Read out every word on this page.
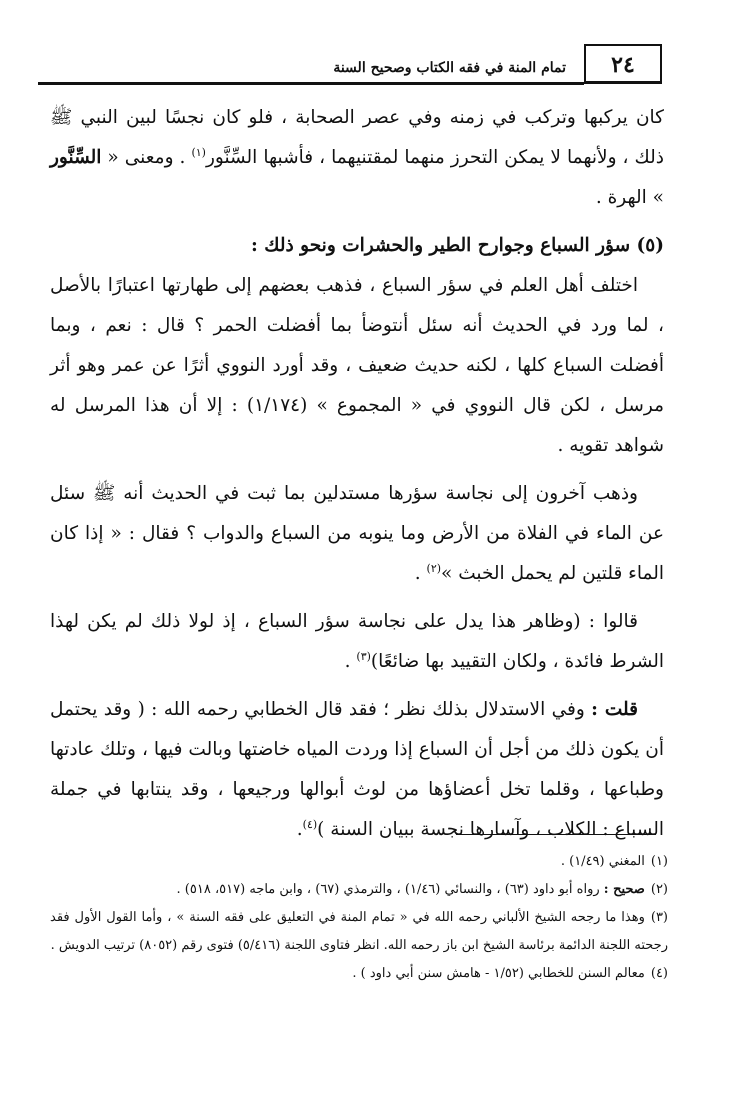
٢٤
تمام المنة في فقه الكتاب وصحيح السنة

كان يركبها وتركب في زمنه وفي عصر الصحابة ، فلو كان نجسًا لبين النبي ﷺ ذلك ، ولأنهما لا يمكن التحرز منهما لمقتنيهما ، فأشبها السِّنَّور$^{(١)}$ . ومعنى « السِّنَّور » الهرة .

(٥) سؤر السباع وجوارح الطير والحشرات ونحو ذلك :

اختلف أهل العلم في سؤر السباع ، فذهب بعضهم إلى طهارتها اعتبارًا بالأصل ، لما ورد في الحديث أنه سئل أنتوضأ بما أفضلت الحمر ؟ قال : نعم ، وبما أفضلت السباع كلها ، لكنه حديث ضعيف ، وقد أورد النووي أثرًا عن عمر وهو أثر مرسل ، لكن قال النووي في « المجموع » (١/١٧٤) : إلا أن هذا المرسل له شواهد تقويه .

وذهب آخرون إلى نجاسة سؤرها مستدلين بما ثبت في الحديث أنه ﷺ سئل عن الماء في الفلاة من الأرض وما ينوبه من السباع والدواب ؟ فقال : « إذا كان الماء قلتين لم يحمل الخبث »$^{(٢)}$ .

قالوا : (وظاهر هذا يدل على نجاسة سؤر السباع ، إذ لولا ذلك لم يكن لهذا الشرط فائدة ، ولكان التقييد بها ضائعًا)$^{(٣)}$ .

قلت : وفي الاستدلال بذلك نظر ؛ فقد قال الخطابي رحمه الله : ( وقد يحتمل أن يكون ذلك من أجل أن السباع إذا وردت المياه خاضتها وبالت فيها ، وتلك عادتها وطباعها ، وقلما تخل أعضاؤها من لوث أبوالها ورجيعها ، وقد ينتابها في جملة السباع : الكلاب ، وآسارها نجسة ببيان السنة )$^{(٤)}$.

(١)المغني (١/٤٩) .

(٢)صحيح : رواه أبو داود (٦٣) ، والنسائي (١/٤٦) ، والترمذي (٦٧) ، وابن ماجه (٥١٧، ٥١٨) .

(٣)وهذا ما رجحه الشيخ الألباني رحمه الله في « تمام المنة في التعليق على فقه السنة » ، وأما القول الأول فقد رجحته اللجنة الدائمة برئاسة الشيخ ابن باز رحمه الله. انظر فتاوى اللجنة (٥/٤١٦) فتوى رقم (٨٠٥٢) ترتيب الدويش .

(٤)معالم السنن للخطابي (١/٥٢ - هامش سنن أبي داود ) .
